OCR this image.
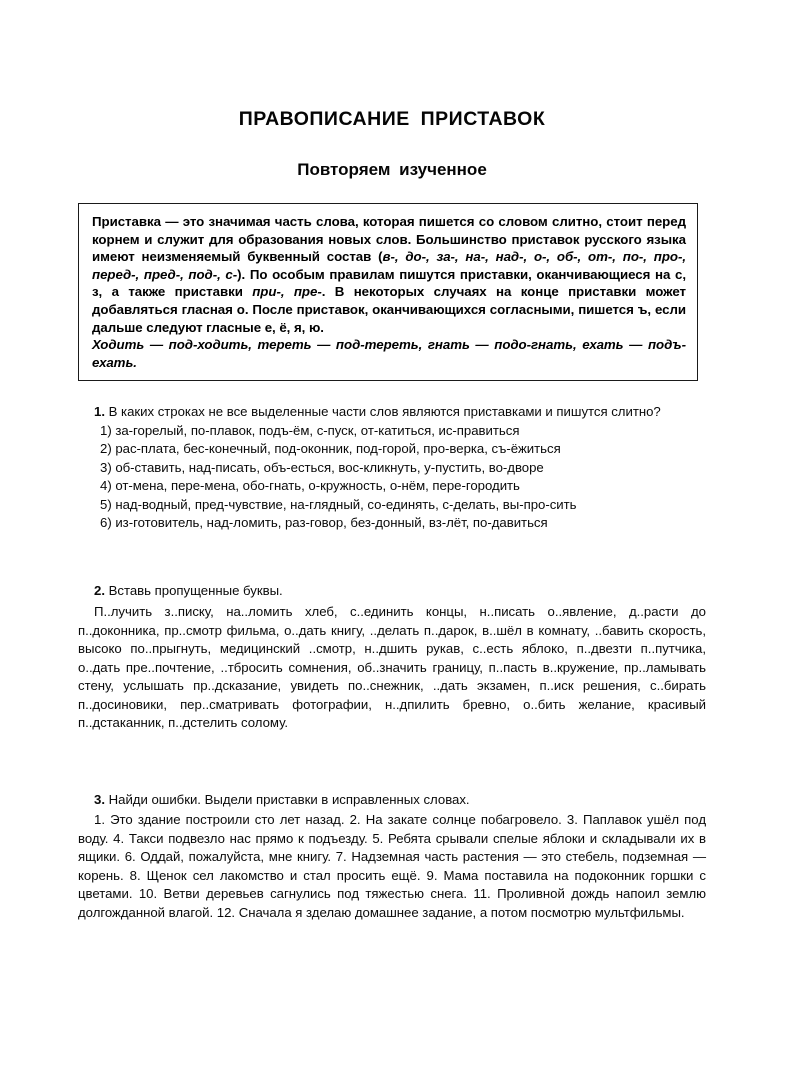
ПРАВОПИСАНИЕ ПРИСТАВОК
Повторяем изученное

Приставка — это значимая часть слова, которая пишется со словом слитно, стоит перед корнем и служит для образования новых слов. Большинство приставок русского языка имеют неизменяемый буквенный состав (в-, до-, за-, на-, над-, о-, об-, от-, по-, про-, перед-, пред-, под-, с-). По особым правилам пишутся приставки, оканчивающиеся на с, з, а также приставки при-, пре-. В некоторых случаях на конце приставки может добавляться гласная о. После приставок, оканчивающихся согласными, пишется ъ, если дальше следуют гласные е, ё, я, ю.

Ходить — под-ходить, тереть — под-тереть, гнать — подо-гнать, ехать — подъ-ехать.

1. В каких строках не все выделенные части слов являются приставками и пишутся слитно?

1) за-горелый, по-плавок, подъ-ём, с-пуск, от-катиться, ис-правиться

2) рас-плата, бес-конечный, под-оконник, под-горой, про-верка, съ-ёжиться

3) об-ставить, над-писать, объ-есться, вос-кликнуть, у-пустить, во-дворе

4) от-мена, пере-мена, обо-гнать, о-кружность, о-нём, пере-городить

5) над-водный, пред-чувствие, на-глядный, со-единять, с-делать, вы-про-сить

6) из-готовитель, над-ломить, раз-говор, без-донный, вз-лёт, по-давиться

2. Вставь пропущенные буквы.

П..лучить з..писку, на..ломить хлеб, с..единить концы, н..писать о..явление, д..расти до п..доконника, пр..смотр фильма, о..дать книгу, ..делать п..дарок, в..шёл в комнату, ..бавить скорость, высоко по..прыгнуть, медицинский ..смотр, н..дшить рукав, с..есть яблоко, п..двезти п..путчика, о..дать пре..почтение, ..тбросить сомнения, об..значить границу, п..пасть в..кружение, пр..ламывать стену, услышать пр..дсказание, увидеть по..снежник, ..дать экзамен, п..иск решения, с..бирать п..досиновики, пер..сматривать фотографии, н..дпилить бревно, о..бить желание, красивый п..дстаканник, п..дстелить солому.

3. Найди ошибки. Выдели приставки в исправленных словах.

1. Это здание построили сто лет назад. 2. На закате солнце побагровело. 3. Паплавок ушёл под воду. 4. Такси подвезло нас прямо к подъезду. 5. Ребята срывали спелые яблоки и складывали их в ящики. 6. Оддай, пожалуйста, мне книгу. 7. Надземная часть растения — это стебель, подземная — корень. 8. Щенок сел лакомство и стал просить ещё. 9. Мама поставила на подоконник горшки с цветами. 10. Ветви деревьев сагнулись под тяжестью снега. 11. Проливной дождь напоил землю долгожданной влагой. 12. Сначала я зделаю домашнее задание, а потом посмотрю мультфильмы.
